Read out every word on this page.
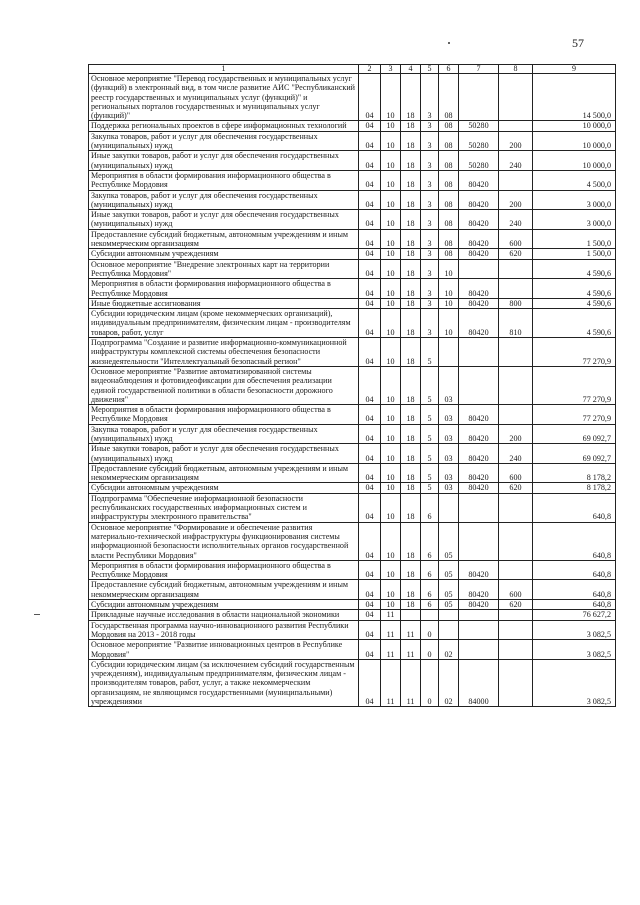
57
1	2	3	4	5	6	7	8	9
Основное мероприятие "Перевод государственных и муниципальных услуг (функций) в электронный вид, в том числе развитие АИС "Республиканский реестр государственных и муниципальных услуг (функций)" и региональных порталов государственных и муниципальных услуг (функций)"	04	10	18	3	08			14 500,0
Поддержка региональных проектов в сфере информационных технологий	04	10	18	3	08	50280		10 000,0
Закупка товаров, работ и услуг для обеспечения государственных (муниципальных) нужд	04	10	18	3	08	50280	200	10 000,0
Иные закупки товаров, работ и услуг для обеспечения государственных (муниципальных) нужд	04	10	18	3	08	50280	240	10 000,0
Мероприятия в области формирования информационного общества в Республике Мордовия	04	10	18	3	08	80420		4 500,0
Закупка товаров, работ и услуг для обеспечения государственных (муниципальных) нужд	04	10	18	3	08	80420	200	3 000,0
Иные закупки товаров, работ и услуг для обеспечения государственных (муниципальных) нужд	04	10	18	3	08	80420	240	3 000,0
Предоставление субсидий бюджетным, автономным учреждениям и иным некоммерческим организациям	04	10	18	3	08	80420	600	1 500,0
Субсидии автономным учреждениям	04	10	18	3	08	80420	620	1 500,0
Основное мероприятие "Внедрение электронных карт на территории Республика Мордовия"	04	10	18	3	10			4 590,6
Мероприятия в области формирования информационного общества в Республике Мордовия	04	10	18	3	10	80420		4 590,6
Иные бюджетные ассигнования	04	10	18	3	10	80420	800	4 590,6
Субсидии юридическим лицам (кроме некоммерческих организаций), индивидуальным предпринимателям, физическим лицам - производителям товаров, работ, услуг	04	10	18	3	10	80420	810	4 590,6
Подпрограмма "Создание и развитие информационно-коммуникационной инфраструктуры комплексной системы обеспечения безопасности жизнедеятельности "Интеллектуальный безопасный регион"	04	10	18	5				77 270,9
Основное мероприятие "Развитие автоматизированной системы видеонаблюдения и фотовидеофиксации для обеспечения реализации единой государственной политики в области безопасности дорожного движения"	04	10	18	5	03			77 270,9
Мероприятия в области формирования информационного общества в Республике Мордовия	04	10	18	5	03	80420		77 270,9
Закупка товаров, работ и услуг для обеспечения государственных (муниципальных) нужд	04	10	18	5	03	80420	200	69 092,7
Иные закупки товаров, работ и услуг для обеспечения государственных (муниципальных) нужд	04	10	18	5	03	80420	240	69 092,7
Предоставление субсидий бюджетным, автономным учреждениям и иным некоммерческим организациям	04	10	18	5	03	80420	600	8 178,2
Субсидии автономным учреждениям	04	10	18	5	03	80420	620	8 178,2
Подпрограмма "Обеспечение информационной безопасности республиканских государственных информационных систем и инфраструктуры электронного правительства"	04	10	18	6				640,8
Основное мероприятие "Формирование и обеспечение развития материально-технической инфраструктуры функционирования системы информационной безопасности исполнительных органов государственной власти Республики Мордовия"	04	10	18	6	05			640,8
Мероприятия в области формирования информационного общества в Республике Мордовия	04	10	18	6	05	80420		640,8
Предоставление субсидий бюджетным, автономным учреждениям и иным некоммерческим организациям	04	10	18	6	05	80420	600	640,8
Субсидии автономным учреждениям	04	10	18	6	05	80420	620	640,8
Прикладные научные исследования в области национальной экономики	04	11						76 627,2
Государственная программа научно-инновационного развития Республики Мордовия на 2013 - 2018 годы	04	11	11	0				3 082,5
Основное мероприятие "Развитие инновационных центров в Республике Мордовия"	04	11	11	0	02			3 082,5
Субсидии юридическим лицам (за исключением субсидий государственным учреждениям), индивидуальным предпринимателям, физическим лицам - производителям товаров, работ, услуг, а также некоммерческим организациям, не являющимся государственными (муниципальными) учреждениями	04	11	11	0	02	84000		3 082,5
